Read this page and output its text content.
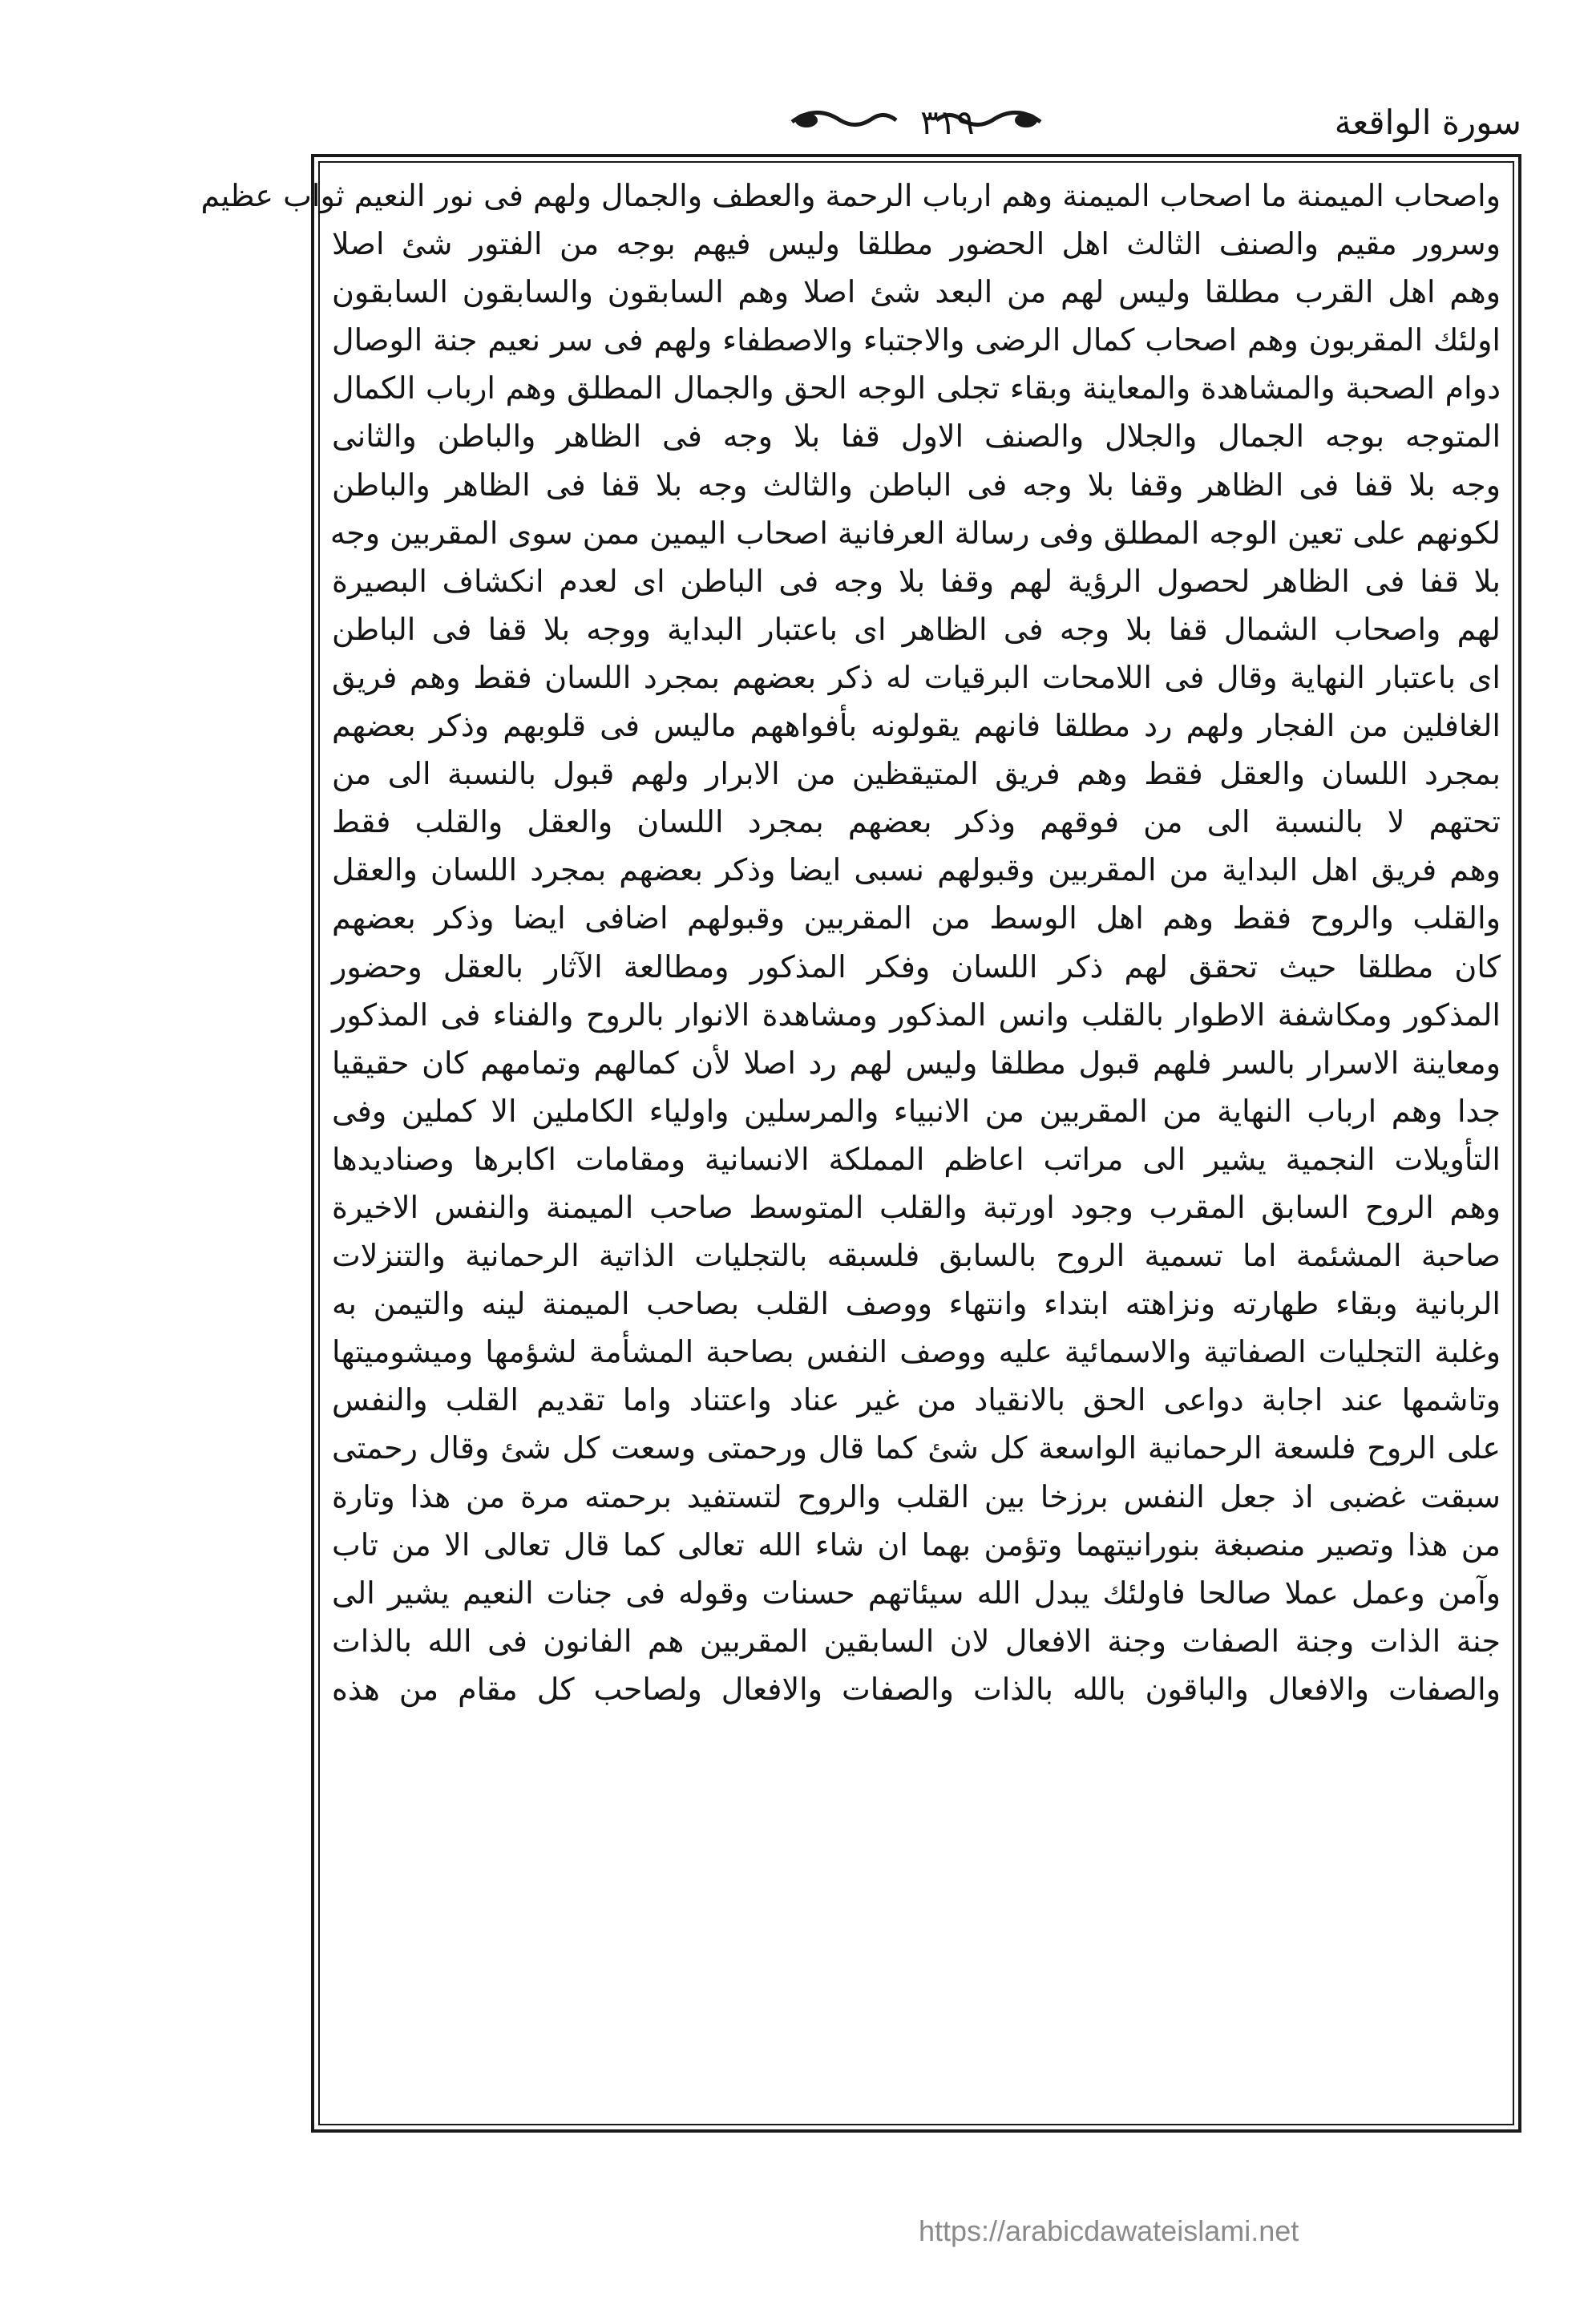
سورة الواقعة
٣١٩
واصحاب الميمنة ما اصحاب الميمنة وهم ارباب الرحمة والعطف والجمال ولهم فى نور النعيم ثواب عظيم
وسرور مقيم والصنف الثالث اهل الحضور مطلقا وليس فيهم بوجه من الفتور شئ اصلا
وهم اهل القرب مطلقا وليس لهم من البعد شئ اصلا وهم السابقون والسابقون السابقون
اولئك المقربون وهم اصحاب كمال الرضى والاجتباء والاصطفاء ولهم فى سر نعيم جنة الوصال
دوام الصحبة والمشاهدة والمعاينة وبقاء تجلى الوجه الحق والجمال المطلق وهم ارباب الكمال
المتوجه بوجه الجمال والجلال والصنف الاول قفا بلا وجه فى الظاهر والباطن والثانى
وجه بلا قفا فى الظاهر وقفا بلا وجه فى الباطن والثالث وجه بلا قفا فى الظاهر والباطن
لكونهم على تعين الوجه المطلق وفى رسالة العرفانية اصحاب اليمين ممن سوى المقربين وجه
بلا قفا فى الظاهر لحصول الرؤية لهم وقفا بلا وجه فى الباطن اى لعدم انكشاف البصيرة
لهم واصحاب الشمال قفا بلا وجه فى الظاهر اى باعتبار البداية ووجه بلا قفا فى الباطن
اى باعتبار النهاية وقال فى اللامحات البرقيات له ذكر بعضهم بمجرد اللسان فقط وهم فريق
الغافلين من الفجار ولهم رد مطلقا فانهم يقولونه بأفواههم ماليس فى قلوبهم وذكر بعضهم
بمجرد اللسان والعقل فقط وهم فريق المتيقظين من الابرار ولهم قبول بالنسبة الى من
تحتهم لا بالنسبة الى من فوقهم وذكر بعضهم بمجرد اللسان والعقل والقلب فقط
وهم فريق اهل البداية من المقربين وقبولهم نسبى ايضا وذكر بعضهم بمجرد اللسان والعقل
والقلب والروح فقط وهم اهل الوسط من المقربين وقبولهم اضافى ايضا وذكر بعضهم
كان مطلقا حيث تحقق لهم ذكر اللسان وفكر المذكور ومطالعة الآثار بالعقل وحضور
المذكور ومكاشفة الاطوار بالقلب وانس المذكور ومشاهدة الانوار بالروح والفناء فى المذكور
ومعاينة الاسرار بالسر فلهم قبول مطلقا وليس لهم رد اصلا لأن كمالهم وتمامهم كان حقيقيا
جدا وهم ارباب النهاية من المقربين من الانبياء والمرسلين واولياء الكاملين الا كملين وفى
التأويلات النجمية يشير الى مراتب اعاظم المملكة الانسانية ومقامات اكابرها وصناديدها
وهم الروح السابق المقرب وجود اورتبة والقلب المتوسط صاحب الميمنة والنفس الاخيرة
صاحبة المشئمة اما تسمية الروح بالسابق فلسبقه بالتجليات الذاتية الرحمانية والتنزلات
الربانية وبقاء طهارته ونزاهته ابتداء وانتهاء ووصف القلب بصاحب الميمنة لينه والتيمن به
وغلبة التجليات الصفاتية والاسمائية عليه ووصف النفس بصاحبة المشأمة لشؤمها وميشوميتها
وتاشمها عند اجابة دواعى الحق بالانقياد من غير عناد واعتناد واما تقديم القلب والنفس
على الروح فلسعة الرحمانية الواسعة كل شئ كما قال ورحمتى وسعت كل شئ وقال رحمتى
سبقت غضبى اذ جعل النفس برزخا بين القلب والروح لتستفيد برحمته مرة من هذا وتارة
من هذا وتصير منصبغة بنورانيتهما وتؤمن بهما ان شاء الله تعالى كما قال تعالى الا من تاب
وآمن وعمل عملا صالحا فاولئك يبدل الله سيئاتهم حسنات وقوله فى جنات النعيم يشير الى
جنة الذات وجنة الصفات وجنة الافعال لان السابقين المقربين هم الفانون فى الله بالذات
والصفات والافعال والباقون بالله بالذات والصفات والافعال ولصاحب كل مقام من هذه
https://arabicdawateislami.net
